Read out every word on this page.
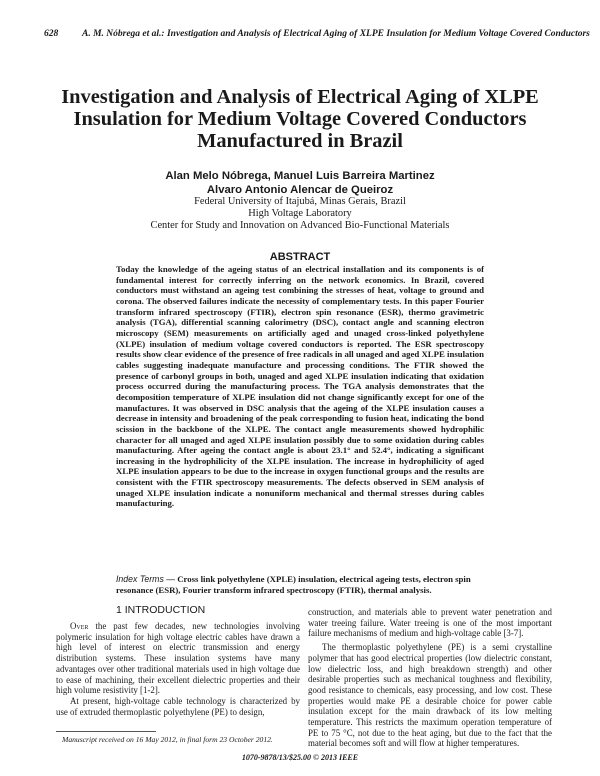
628	A. M. Nóbrega et al.: Investigation and Analysis of Electrical Aging of XLPE Insulation for Medium Voltage Covered Conductors
Investigation and Analysis of Electrical Aging of XLPE Insulation for Medium Voltage Covered Conductors Manufactured in Brazil
Alan Melo Nóbrega, Manuel Luis Barreira Martinez
Alvaro Antonio Alencar de Queiroz
Federal University of Itajubá, Minas Gerais, Brazil
High Voltage Laboratory
Center for Study and Innovation on Advanced Bio-Functional Materials
ABSTRACT
Today the knowledge of the ageing status of an electrical installation and its components is of fundamental interest for correctly inferring on the network economics. In Brazil, covered conductors must withstand an ageing test combining the stresses of heat, voltage to ground and corona. The observed failures indicate the necessity of complementary tests. In this paper Fourier transform infrared spectroscopy (FTIR), electron spin resonance (ESR), thermo gravimetric analysis (TGA), differential scanning calorimetry (DSC), contact angle and scanning electron microscopy (SEM) measurements on artificially aged and unaged cross-linked polyethylene (XLPE) insulation of medium voltage covered conductors is reported. The ESR spectroscopy results show clear evidence of the presence of free radicals in all unaged and aged XLPE insulation cables suggesting inadequate manufacture and processing conditions. The FTIR showed the presence of carbonyl groups in both, unaged and aged XLPE insulation indicating that oxidation process occurred during the manufacturing process. The TGA analysis demonstrates that the decomposition temperature of XLPE insulation did not change significantly except for one of the manufactures. It was observed in DSC analysis that the ageing of the XLPE insulation causes a decrease in intensity and broadening of the peak corresponding to fusion heat, indicating the bond scission in the backbone of the XLPE. The contact angle measurements showed hydrophilic character for all unaged and aged XLPE insulation possibly due to some oxidation during cables manufacturing. After ageing the contact angle is about 23.1° and 52.4°, indicating a significant increasing in the hydrophilicity of the XLPE insulation. The increase in hydrophilicity of aged XLPE insulation appears to be due to the increase in oxygen functional groups and the results are consistent with the FTIR spectroscopy measurements. The defects observed in SEM analysis of unaged XLPE insulation indicate a nonuniform mechanical and thermal stresses during cables manufacturing.
Index Terms — Cross link polyethylene (XPLE) insulation, electrical ageing tests, electron spin resonance (ESR), Fourier transform infrared spectroscopy (FTIR), thermal analysis.
1 INTRODUCTION

Over the past few decades, new technologies involving polymeric insulation for high voltage electric cables have drawn a high level of interest on electric transmission and energy distribution systems. These insulation systems have many advantages over other traditional materials used in high voltage due to ease of machining, their excellent dielectric properties and their high volume resistivity [1-2].

At present, high-voltage cable technology is characterized by use of extruded thermoplastic polyethylene (PE) to design,

construction, and materials able to prevent water penetration and water treeing failure. Water treeing is one of the most important failure mechanisms of medium and high-voltage cable [3-7].

The thermoplastic polyethylene (PE) is a semi crystalline polymer that has good electrical properties (low dielectric constant, low dielectric loss, and high breakdown strength) and other desirable properties such as mechanical toughness and flexibility, good resistance to chemicals, easy processing, and low cost. These properties would make PE a desirable choice for power cable insulation except for the main drawback of its low melting temperature. This restricts the maximum operation temperature of PE to 75 °C, not due to the heat aging, but due to the fact that the material becomes soft and will flow at higher temperatures.

Manuscript received on 16 May 2012, in final form 23 October 2012.
1070-9878/13/$25.00 © 2013 IEEE
